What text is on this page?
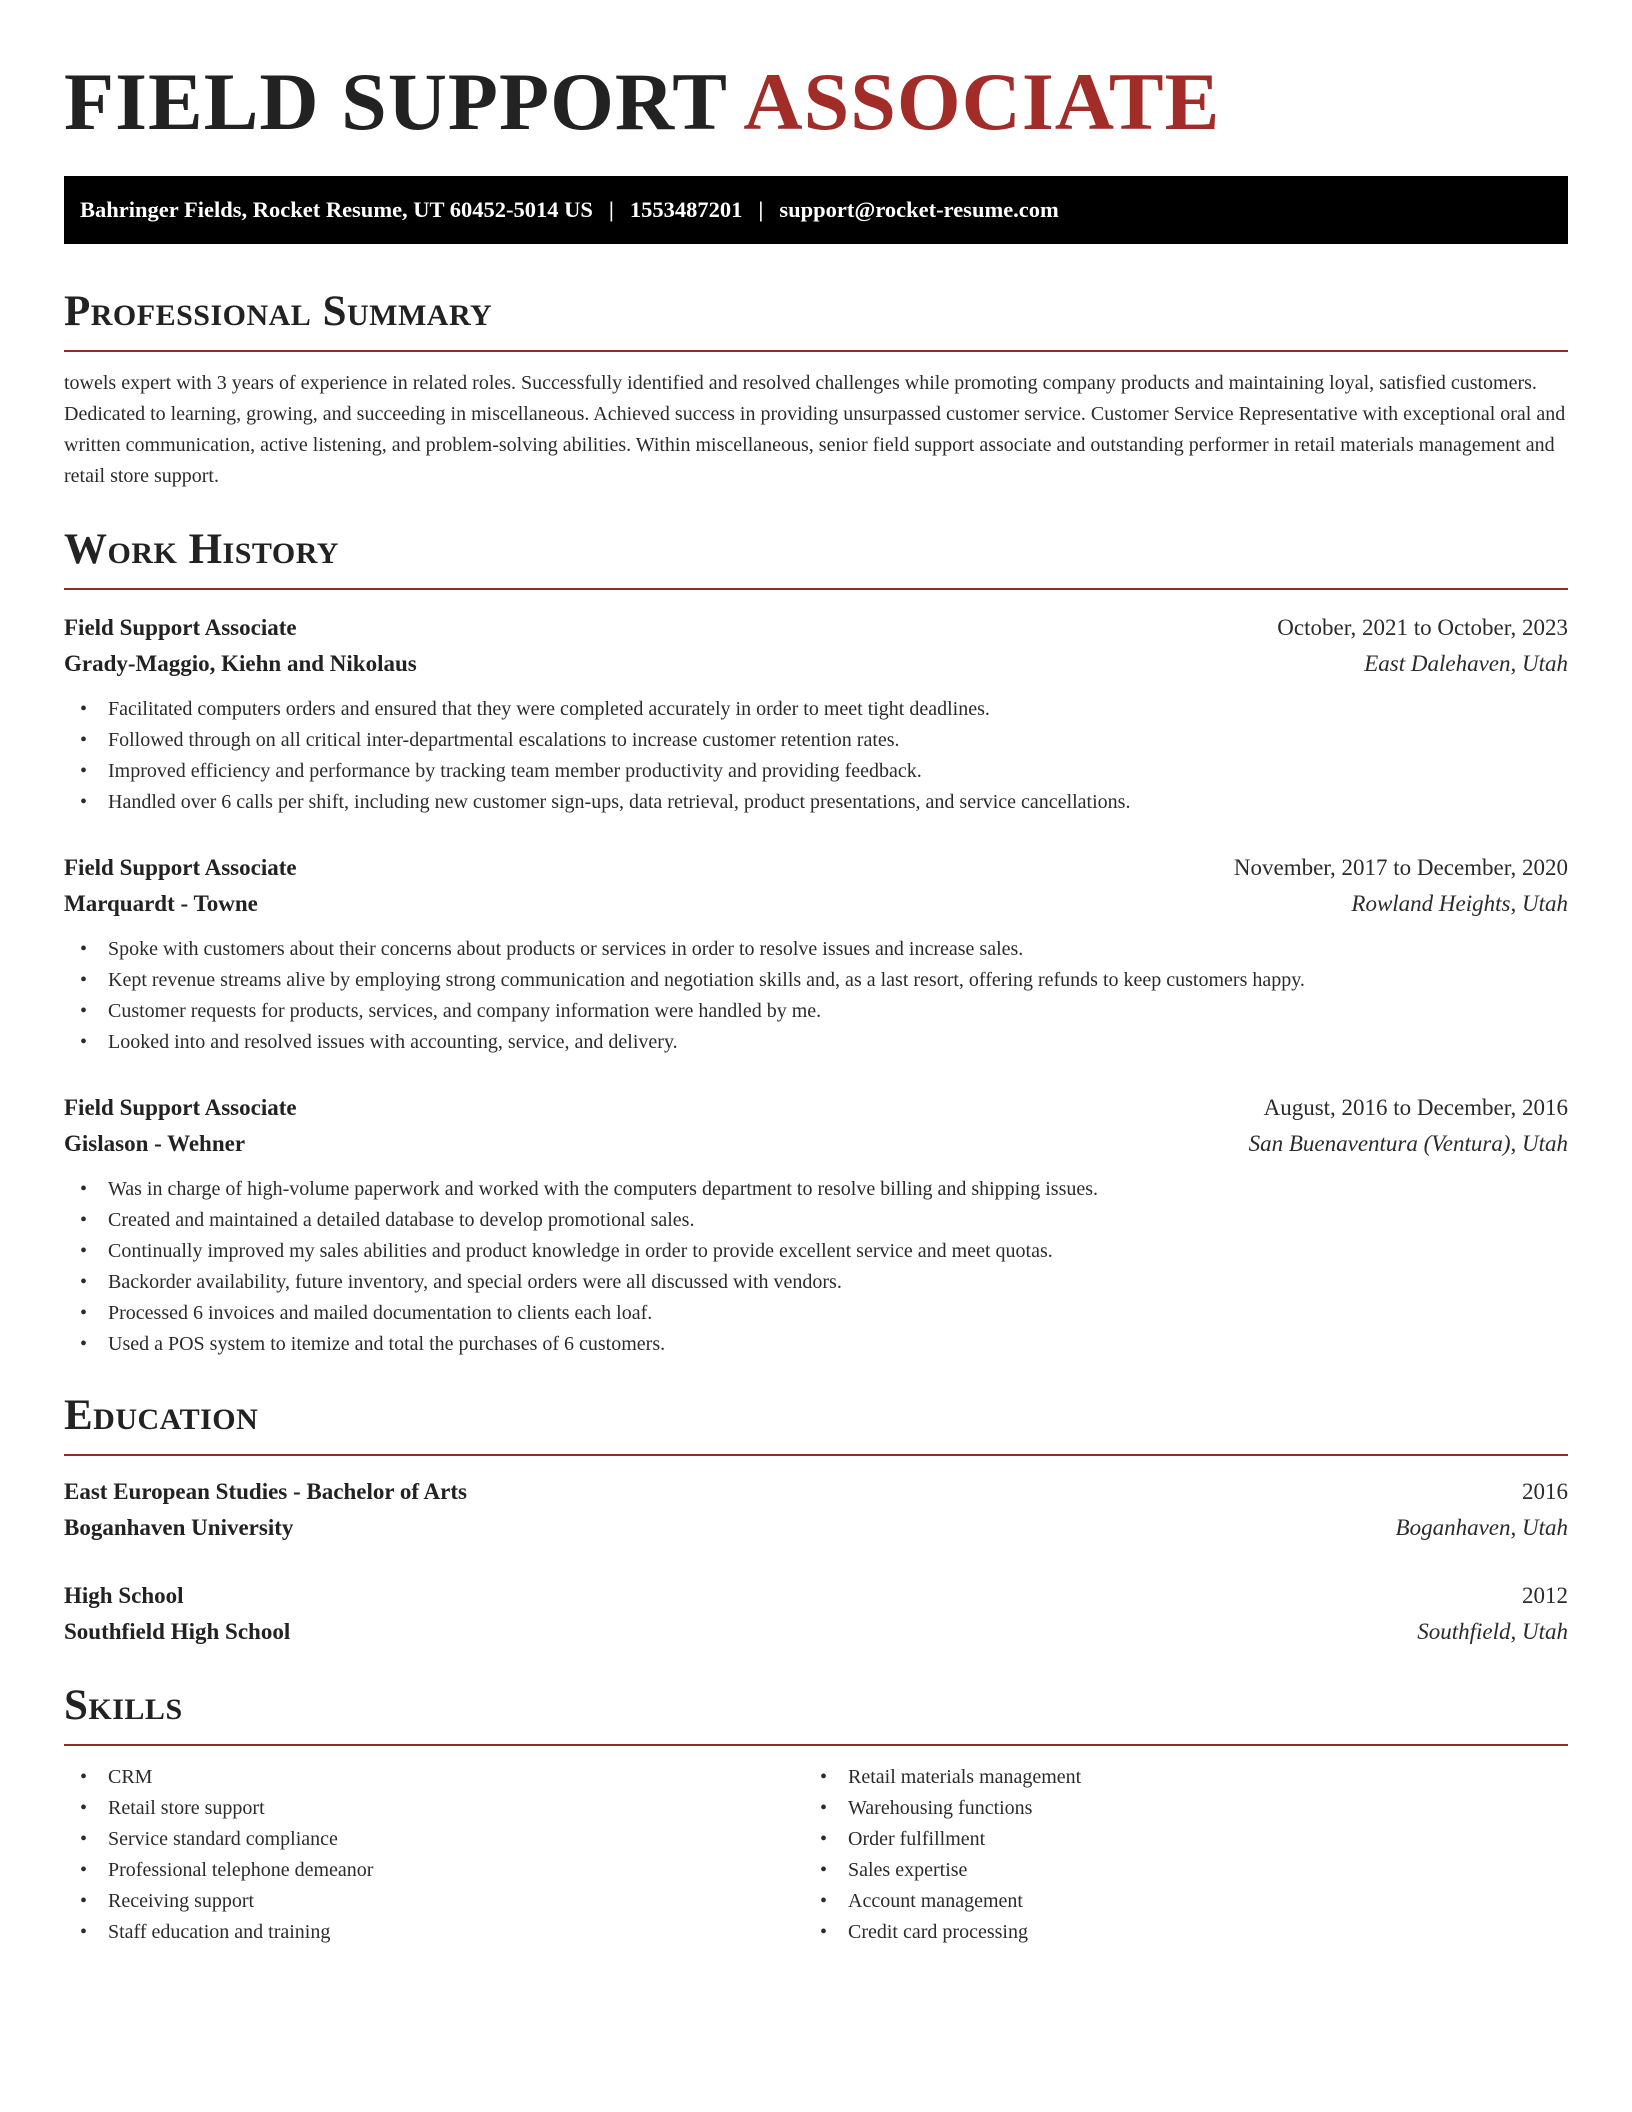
FIELD SUPPORT ASSOCIATE
Bahringer Fields, Rocket Resume, UT 60452-5014 US | 1553487201 | support@rocket-resume.com
Professional Summary

towels expert with 3 years of experience in related roles. Successfully identified and resolved challenges while promoting company products and maintaining loyal, satisfied customers. Dedicated to learning, growing, and succeeding in miscellaneous. Achieved success in providing unsurpassed customer service. Customer Service Representative with exceptional oral and written communication, active listening, and problem-solving abilities. Within miscellaneous, senior field support associate and outstanding performer in retail materials management and retail store support.

Work History
Field Support Associate	October, 2021 to October, 2023
Grady-Maggio, Kiehn and Nikolaus	East Dalehaven, Utah
• Facilitated computers orders and ensured that they were completed accurately in order to meet tight deadlines.
• Followed through on all critical inter-departmental escalations to increase customer retention rates.
• Improved efficiency and performance by tracking team member productivity and providing feedback.
• Handled over 6 calls per shift, including new customer sign-ups, data retrieval, product presentations, and service cancellations.
Field Support Associate	November, 2017 to December, 2020
Marquardt - Towne	Rowland Heights, Utah
• Spoke with customers about their concerns about products or services in order to resolve issues and increase sales.
• Kept revenue streams alive by employing strong communication and negotiation skills and, as a last resort, offering refunds to keep customers happy.
• Customer requests for products, services, and company information were handled by me.
• Looked into and resolved issues with accounting, service, and delivery.
Field Support Associate	August, 2016 to December, 2016
Gislason - Wehner	San Buenaventura (Ventura), Utah
• Was in charge of high-volume paperwork and worked with the computers department to resolve billing and shipping issues.
• Created and maintained a detailed database to develop promotional sales.
• Continually improved my sales abilities and product knowledge in order to provide excellent service and meet quotas.
• Backorder availability, future inventory, and special orders were all discussed with vendors.
• Processed 6 invoices and mailed documentation to clients each loaf.
• Used a POS system to itemize and total the purchases of 6 customers.
Education
East European Studies - Bachelor of Arts	2016
Boganhaven University	Boganhaven, Utah
High School	2012
Southfield High School	Southfield, Utah
Skills
• CRM
• Retail store support
• Service standard compliance
• Professional telephone demeanor
• Receiving support
• Staff education and training
• Retail materials management
• Warehousing functions
• Order fulfillment
• Sales expertise
• Account management
• Credit card processing
